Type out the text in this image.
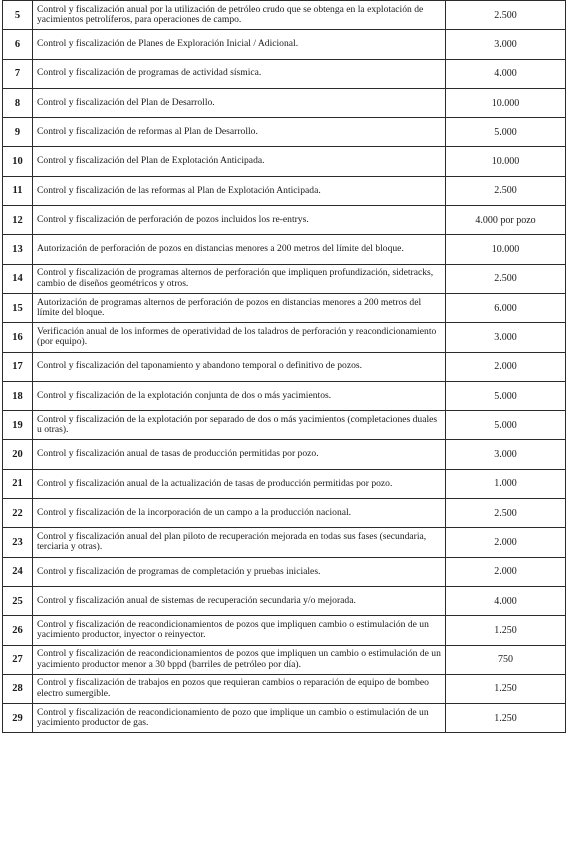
5	Control y fiscalización anual por la utilización de petróleo crudo que se obtenga en la explotación de yacimientos petrolíferos, para operaciones de campo.	2.500
6	Control y fiscalización de Planes de Exploración Inicial / Adicional.	3.000
7	Control y fiscalización de programas de actividad sísmica.	4.000
8	Control y fiscalización del Plan de Desarrollo.	10.000
9	Control y fiscalización de reformas al Plan de Desarrollo.	5.000
10	Control y fiscalización del Plan de Explotación Anticipada.	10.000
11	Control y fiscalización de las reformas al Plan de Explotación Anticipada.	2.500
12	Control y fiscalización de perforación de pozos incluidos los re-entrys.	4.000 por pozo
13	Autorización de perforación de pozos en distancias menores a 200 metros del límite del bloque.	10.000
14	Control y fiscalización de programas alternos de perforación que impliquen profundización, sidetracks, cambio de diseños geométricos y otros.	2.500
15	Autorización de programas alternos de perforación de pozos en distancias menores a 200 metros del límite del bloque.	6.000
16	Verificación anual de los informes de operatividad de los taladros de perforación y reacondicionamiento (por equipo).	3.000
17	Control y fiscalización del taponamiento y abandono temporal o definitivo de pozos.	2.000
18	Control y fiscalización de la explotación conjunta de dos o más yacimientos.	5.000
19	Control y fiscalización de la explotación por separado de dos o más yacimientos (completaciones duales u otras).	5.000
20	Control y fiscalización anual de tasas de producción permitidas por pozo.	3.000
21	Control y fiscalización anual de la actualización de tasas de producción permitidas por pozo.	1.000
22	Control y fiscalización de la incorporación de un campo a la producción nacional.	2.500
23	Control y fiscalización anual del plan piloto de recuperación mejorada en todas sus fases (secundaria, terciaria y otras).	2.000
24	Control y fiscalización de programas de completación y pruebas iniciales.	2.000
25	Control y fiscalización anual de sistemas de recuperación secundaria y/o mejorada.	4.000
26	Control y fiscalización de reacondicionamientos de pozos que impliquen cambio o estimulación de un yacimiento productor, inyector o reinyector.	1.250
27	Control y fiscalización de reacondicionamientos de pozos que impliquen un cambio o estimulación de un yacimiento productor menor a 30 bppd (barriles de petróleo por día).	750
28	Control y fiscalización de trabajos en pozos que requieran cambios o reparación de equipo de bombeo electro sumergible.	1.250
29	Control y fiscalización de reacondicionamiento de pozo que implique un cambio o estimulación de un yacimiento productor de gas.	1.250
